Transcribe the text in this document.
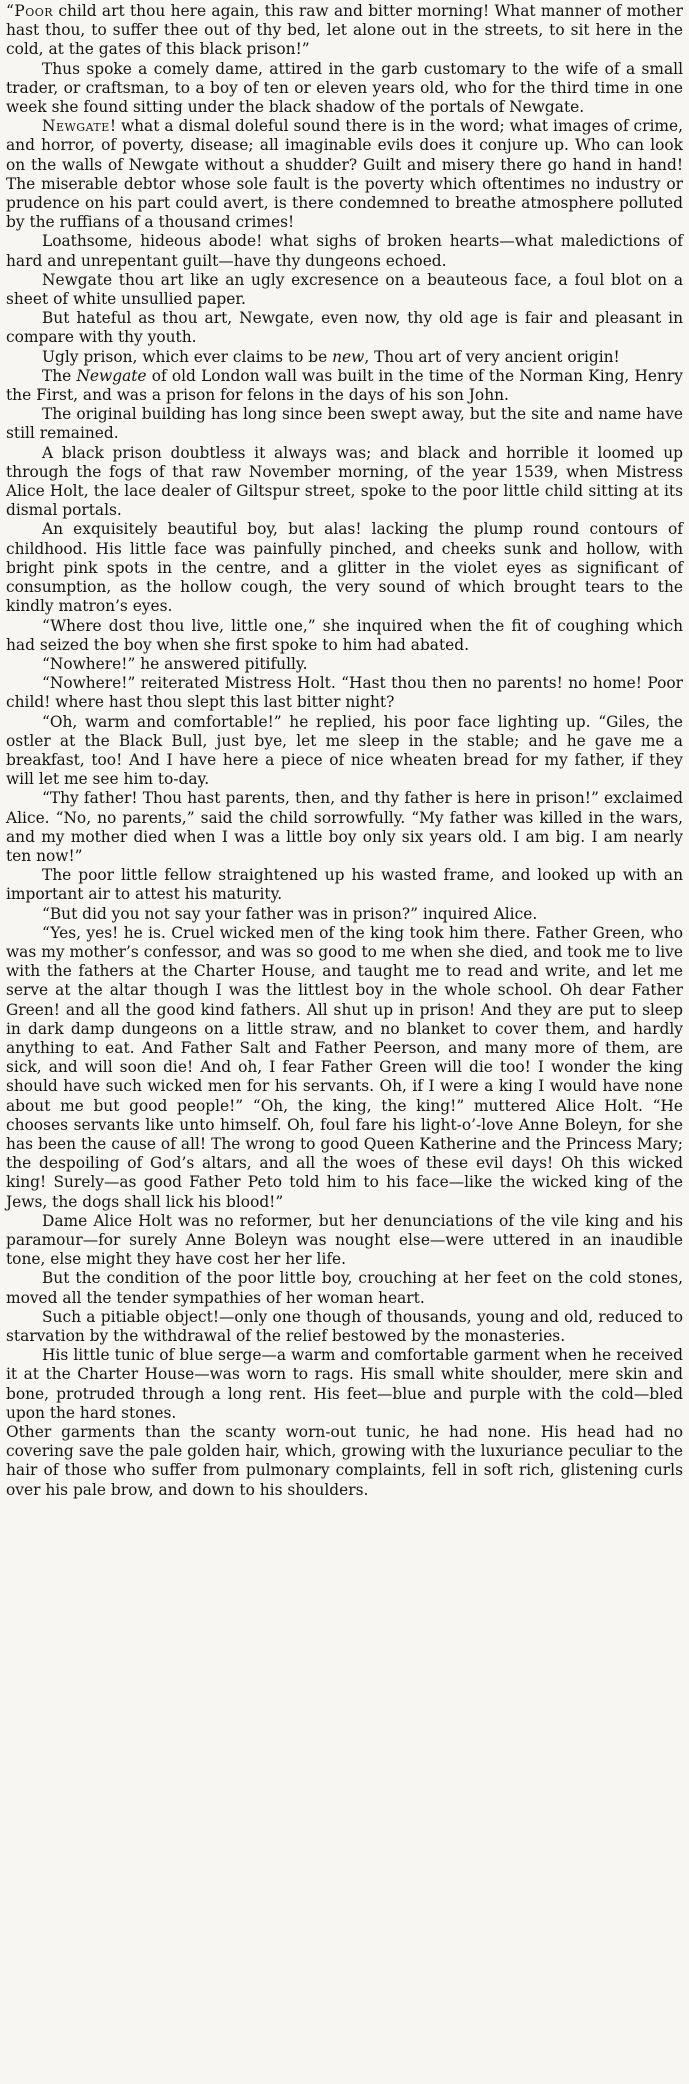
“Poor child art thou here again, this raw and bitter morning! What manner of mother hast thou, to suffer thee out of thy bed, let alone out in the streets, to sit here in the cold, at the gates of this black prison!”

Thus spoke a comely dame, attired in the garb customary to the wife of a small trader, or craftsman, to a boy of ten or eleven years old, who for the third time in one week she found sitting under the black shadow of the portals of Newgate.

Newgate! what a dismal doleful sound there is in the word; what images of crime, and horror, of poverty, disease; all imaginable evils does it conjure up. Who can look on the walls of Newgate without a shudder? Guilt and misery there go hand in hand! The miserable debtor whose sole fault is the poverty which oftentimes no industry or prudence on his part could avert, is there condemned to breathe atmosphere polluted by the ruffians of a thousand crimes!

Loathsome, hideous abode! what sighs of broken hearts—what maledictions of hard and unrepentant guilt—have thy dungeons echoed.

Newgate thou art like an ugly excresence on a beauteous face, a foul blot on a sheet of white unsullied paper.

But hateful as thou art, Newgate, even now, thy old age is fair and pleasant in compare with thy youth.

Ugly prison, which ever claims to be new, Thou art of very ancient origin!

The Newgate of old London wall was built in the time of the Norman King, Henry the First, and was a prison for felons in the days of his son John.

The original building has long since been swept away, but the site and name have still remained.

A black prison doubtless it always was; and black and horrible it loomed up through the fogs of that raw November morning, of the year 1539, when Mistress Alice Holt, the lace dealer of Giltspur street, spoke to the poor little child sitting at its dismal portals.

An exquisitely beautiful boy, but alas! lacking the plump round contours of childhood. His little face was painfully pinched, and cheeks sunk and hollow, with bright pink spots in the centre, and a glitter in the violet eyes as significant of consumption, as the hollow cough, the very sound of which brought tears to the kindly matron’s eyes.

“Where dost thou live, little one,” she inquired when the fit of coughing which had seized the boy when she first spoke to him had abated.

“Nowhere!” he answered pitifully.

“Nowhere!” reiterated Mistress Holt. “Hast thou then no parents! no home! Poor child! where hast thou slept this last bitter night?

“Oh, warm and comfortable!” he replied, his poor face lighting up. “Giles, the ostler at the Black Bull, just bye, let me sleep in the stable; and he gave me a breakfast, too! And I have here a piece of nice wheaten bread for my father, if they will let me see him to-day.

“Thy father! Thou hast parents, then, and thy father is here in prison!” exclaimed Alice. “No, no parents,” said the child sorrowfully. “My father was killed in the wars, and my mother died when I was a little boy only six years old. I am big. I am nearly ten now!”

The poor little fellow straightened up his wasted frame, and looked up with an important air to attest his maturity.

“But did you not say your father was in prison?” inquired Alice.

“Yes, yes! he is. Cruel wicked men of the king took him there. Father Green, who was my mother’s confessor, and was so good to me when she died, and took me to live with the fathers at the Charter House, and taught me to read and write, and let me serve at the altar though I was the littlest boy in the whole school. Oh dear Father Green! and all the good kind fathers. All shut up in prison! And they are put to sleep in dark damp dungeons on a little straw, and no blanket to cover them, and hardly anything to eat. And Father Salt and Father Peerson, and many more of them, are sick, and will soon die! And oh, I fear Father Green will die too! I wonder the king should have such wicked men for his servants. Oh, if I were a king I would have none about me but good people!” “Oh, the king, the king!” muttered Alice Holt. “He chooses servants like unto himself. Oh, foul fare his light-o’-love Anne Boleyn, for she has been the cause of all! The wrong to good Queen Katherine and the Princess Mary; the despoiling of God’s altars, and all the woes of these evil days! Oh this wicked king! Surely—as good Father Peto told him to his face—like the wicked king of the Jews, the dogs shall lick his blood!”

Dame Alice Holt was no reformer, but her denunciations of the vile king and his paramour—for surely Anne Boleyn was nought else—were uttered in an inaudible tone, else might they have cost her her life.

But the condition of the poor little boy, crouching at her feet on the cold stones, moved all the tender sympathies of her woman heart.

Such a pitiable object!—only one though of thousands, young and old, reduced to starvation by the withdrawal of the relief bestowed by the monasteries.

His little tunic of blue serge—a warm and comfortable garment when he received it at the Charter House—was worn to rags. His small white shoulder, mere skin and bone, protruded through a long rent. His feet—blue and purple with the cold—bled upon the hard stones.

Other garments than the scanty worn-out tunic, he had none. His head had no covering save the pale golden hair, which, growing with the luxuriance peculiar to the hair of those who suffer from pulmonary complaints, fell in soft rich, glistening curls over his pale brow, and down to his shoulders.
